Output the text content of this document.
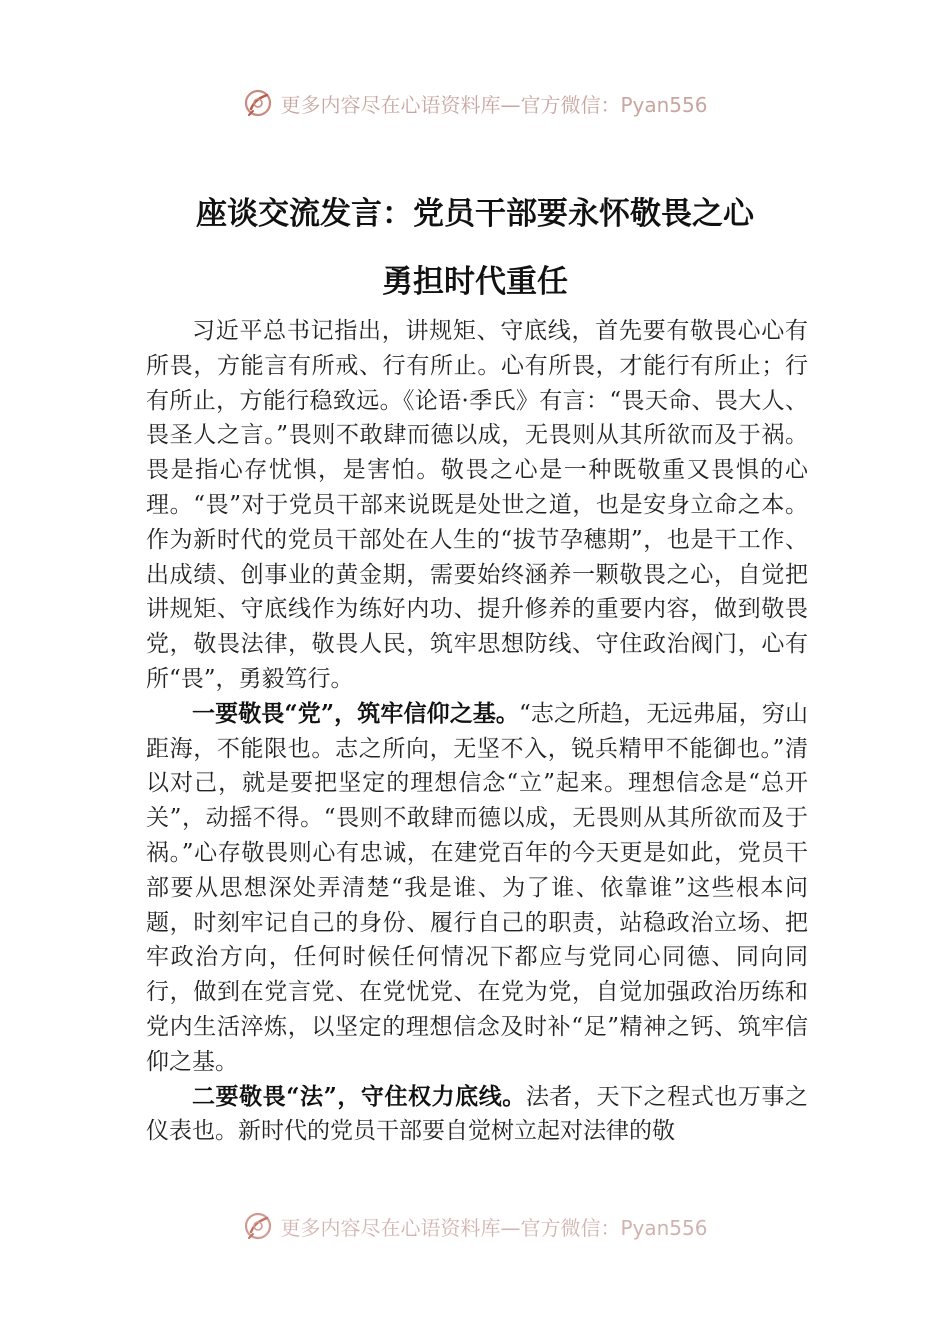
更多内容尽在心语资料库—官方微信：Pyan556
座谈交流发言：党员干部要永怀敬畏之心
勇担时代重任

习近平总书记指出，讲规矩、守底线，首先要有敬畏心心有所畏，方能言有所戒、行有所止。心有所畏，才能行有所止；行有所止，方能行稳致远。《论语·季氏》有言：“畏天命、畏大人、畏圣人之言。”畏则不敢肆而德以成，无畏则从其所欲而及于祸。畏是指心存忧惧，是害怕。敬畏之心是一种既敬重又畏惧的心理。“畏”对于党员干部来说既是处世之道，也是安身立命之本。作为新时代的党员干部处在人生的“拔节孕穗期”，也是干工作、出成绩、创事业的黄金期，需要始终涵养一颗敬畏之心，自觉把讲规矩、守底线作为练好内功、提升修养的重要内容，做到敬畏党，敬畏法律，敬畏人民，筑牢思想防线、守住政治阀门，心有所“畏”，勇毅笃行。

一要敬畏“党”，筑牢信仰之基。“志之所趋，无远弗届，穷山距海，不能限也。志之所向，无坚不入，锐兵精甲不能御也。”清以对己，就是要把坚定的理想信念“立”起来。理想信念是“总开关”，动摇不得。“畏则不敢肆而德以成，无畏则从其所欲而及于祸。”心存敬畏则心有忠诚，在建党百年的今天更是如此，党员干部要从思想深处弄清楚“我是谁、为了谁、依靠谁”这些根本问题，时刻牢记自己的身份、履行自己的职责，站稳政治立场、把牢政治方向，任何时候任何情况下都应与党同心同德、同向同行，做到在党言党、在党忧党、在党为党，自觉加强政治历练和党内生活淬炼，以坚定的理想信念及时补“足”精神之钙、筑牢信仰之基。

二要敬畏“法”，守住权力底线。法者，天下之程式也万事之仪表也。新时代的党员干部要自觉树立起对法律的敬

更多内容尽在心语资料库—官方微信：Pyan556
